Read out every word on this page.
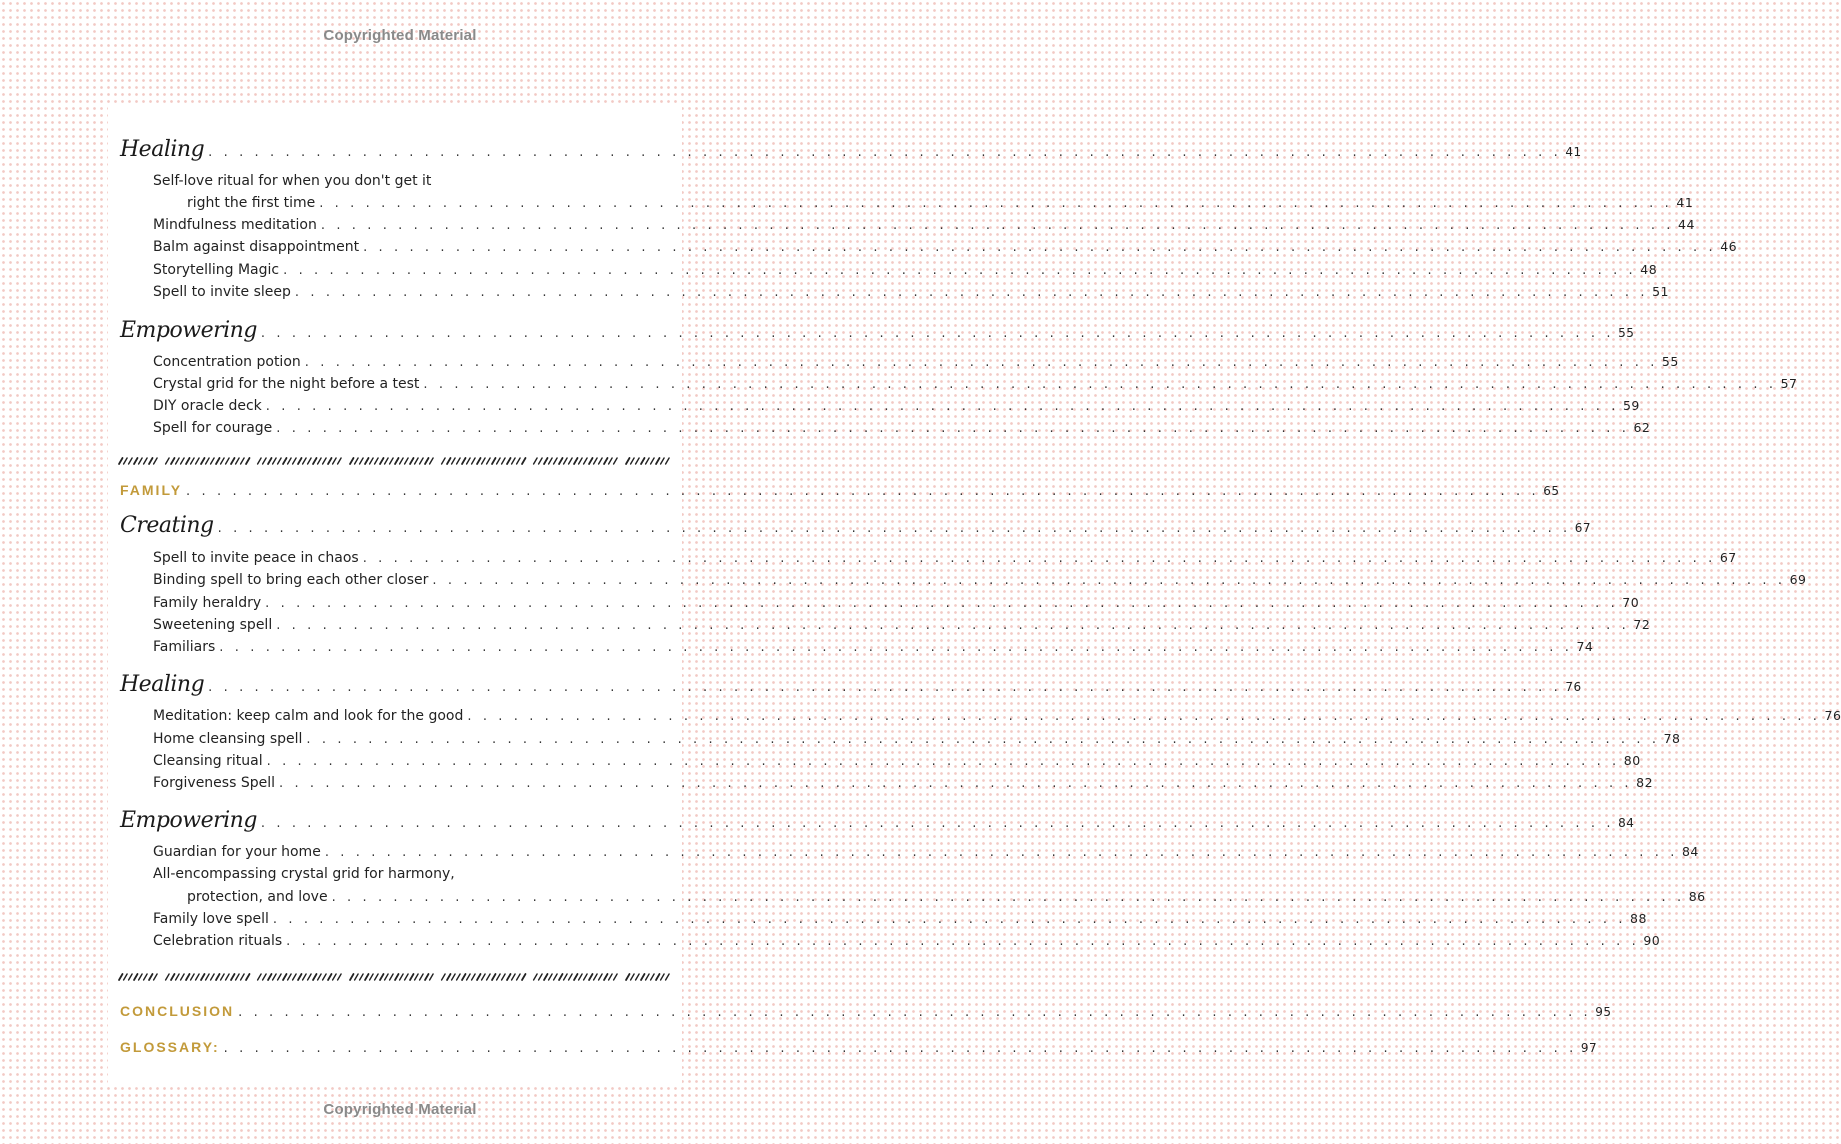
Copyrighted Material
Healing . . . . . . . . . . . . . . . . . . . . . . . . . . . . . . . . . . . . . . . . . . . . . . . . . . . . . . . . . . . . . . . . . . . . . . . . . . . . . . . . . . . . . . . . 41
Self-love ritual for when you don't get it
right the first time . . . . . . . . . . . . . . . . . . . . . . . . . . . . . . . . . . . . . . . . . . . . . . . . . . . . . . . . . . . . . . . . . . . . . . . . . . . . . . . . . . . . . . . . 41
Mindfulness meditation . . . . . . . . . . . . . . . . . . . . . . . . . . . . . . . . . . . . . . . . . . . . . . . . . . . . . . . . . . . . . . . . . . . . . . . . . . . . . . . . . . . . . . . . 44
Balm against disappointment . . . . . . . . . . . . . . . . . . . . . . . . . . . . . . . . . . . . . . . . . . . . . . . . . . . . . . . . . . . . . . . . . . . . . . . . . . . . . . . . . . . . . . . . 46
Storytelling Magic . . . . . . . . . . . . . . . . . . . . . . . . . . . . . . . . . . . . . . . . . . . . . . . . . . . . . . . . . . . . . . . . . . . . . . . . . . . . . . . . . . . . . . . . 48
Spell to invite sleep . . . . . . . . . . . . . . . . . . . . . . . . . . . . . . . . . . . . . . . . . . . . . . . . . . . . . . . . . . . . . . . . . . . . . . . . . . . . . . . . . . . . . . . . 51
Empowering . . . . . . . . . . . . . . . . . . . . . . . . . . . . . . . . . . . . . . . . . . . . . . . . . . . . . . . . . . . . . . . . . . . . . . . . . . . . . . . . . . . . . . . . 55
Concentration potion . . . . . . . . . . . . . . . . . . . . . . . . . . . . . . . . . . . . . . . . . . . . . . . . . . . . . . . . . . . . . . . . . . . . . . . . . . . . . . . . . . . . . . . . 55
Crystal grid for the night before a test . . . . . . . . . . . . . . . . . . . . . . . . . . . . . . . . . . . . . . . . . . . . . . . . . . . . . . . . . . . . . . . . . . . . . . . . . . . . . . . . . . . . . . . . 57
DIY oracle deck . . . . . . . . . . . . . . . . . . . . . . . . . . . . . . . . . . . . . . . . . . . . . . . . . . . . . . . . . . . . . . . . . . . . . . . . . . . . . . . . . . . . . . . . 59
Spell for courage . . . . . . . . . . . . . . . . . . . . . . . . . . . . . . . . . . . . . . . . . . . . . . . . . . . . . . . . . . . . . . . . . . . . . . . . . . . . . . . . . . . . . . . . 62
FAMILY . . . . . . . . . . . . . . . . . . . . . . . . . . . . . . . . . . . . . . . . . . . . . . . . . . . . . . . . . . . . . . . . . . . . . . . . . . . . . . . . . . . . . . . . 65
Creating . . . . . . . . . . . . . . . . . . . . . . . . . . . . . . . . . . . . . . . . . . . . . . . . . . . . . . . . . . . . . . . . . . . . . . . . . . . . . . . . . . . . . . . . 67
Spell to invite peace in chaos . . . . . . . . . . . . . . . . . . . . . . . . . . . . . . . . . . . . . . . . . . . . . . . . . . . . . . . . . . . . . . . . . . . . . . . . . . . . . . . . . . . . . . . . 67
Binding spell to bring each other closer . . . . . . . . . . . . . . . . . . . . . . . . . . . . . . . . . . . . . . . . . . . . . . . . . . . . . . . . . . . . . . . . . . . . . . . . . . . . . . . . . . . . . . . . 69
Family heraldry . . . . . . . . . . . . . . . . . . . . . . . . . . . . . . . . . . . . . . . . . . . . . . . . . . . . . . . . . . . . . . . . . . . . . . . . . . . . . . . . . . . . . . . . 70
Sweetening spell . . . . . . . . . . . . . . . . . . . . . . . . . . . . . . . . . . . . . . . . . . . . . . . . . . . . . . . . . . . . . . . . . . . . . . . . . . . . . . . . . . . . . . . . 72
Familiars . . . . . . . . . . . . . . . . . . . . . . . . . . . . . . . . . . . . . . . . . . . . . . . . . . . . . . . . . . . . . . . . . . . . . . . . . . . . . . . . . . . . . . . . 74
Healing . . . . . . . . . . . . . . . . . . . . . . . . . . . . . . . . . . . . . . . . . . . . . . . . . . . . . . . . . . . . . . . . . . . . . . . . . . . . . . . . . . . . . . . . 76
Meditation: keep calm and look for the good . . . . . . . . . . . . . . . . . . . . . . . . . . . . . . . . . . . . . . . . . . . . . . . . . . . . . . . . . . . . . . . . . . . . . . . . . . . . . . . . . . . . . . . . 76
Home cleansing spell . . . . . . . . . . . . . . . . . . . . . . . . . . . . . . . . . . . . . . . . . . . . . . . . . . . . . . . . . . . . . . . . . . . . . . . . . . . . . . . . . . . . . . . . 78
Cleansing ritual . . . . . . . . . . . . . . . . . . . . . . . . . . . . . . . . . . . . . . . . . . . . . . . . . . . . . . . . . . . . . . . . . . . . . . . . . . . . . . . . . . . . . . . . 80
Forgiveness Spell . . . . . . . . . . . . . . . . . . . . . . . . . . . . . . . . . . . . . . . . . . . . . . . . . . . . . . . . . . . . . . . . . . . . . . . . . . . . . . . . . . . . . . . . 82
Empowering . . . . . . . . . . . . . . . . . . . . . . . . . . . . . . . . . . . . . . . . . . . . . . . . . . . . . . . . . . . . . . . . . . . . . . . . . . . . . . . . . . . . . . . . 84
Guardian for your home . . . . . . . . . . . . . . . . . . . . . . . . . . . . . . . . . . . . . . . . . . . . . . . . . . . . . . . . . . . . . . . . . . . . . . . . . . . . . . . . . . . . . . . . 84
All-encompassing crystal grid for harmony,
protection, and love . . . . . . . . . . . . . . . . . . . . . . . . . . . . . . . . . . . . . . . . . . . . . . . . . . . . . . . . . . . . . . . . . . . . . . . . . . . . . . . . . . . . . . . . 86
Family love spell . . . . . . . . . . . . . . . . . . . . . . . . . . . . . . . . . . . . . . . . . . . . . . . . . . . . . . . . . . . . . . . . . . . . . . . . . . . . . . . . . . . . . . . . 88
Celebration rituals . . . . . . . . . . . . . . . . . . . . . . . . . . . . . . . . . . . . . . . . . . . . . . . . . . . . . . . . . . . . . . . . . . . . . . . . . . . . . . . . . . . . . . . . 90
CONCLUSION . . . . . . . . . . . . . . . . . . . . . . . . . . . . . . . . . . . . . . . . . . . . . . . . . . . . . . . . . . . . . . . . . . . . . . . . . . . . . . . . . . . . . . . . 95
GLOSSARY: . . . . . . . . . . . . . . . . . . . . . . . . . . . . . . . . . . . . . . . . . . . . . . . . . . . . . . . . . . . . . . . . . . . . . . . . . . . . . . . . . . . . . . . . 97
Copyrighted Material
